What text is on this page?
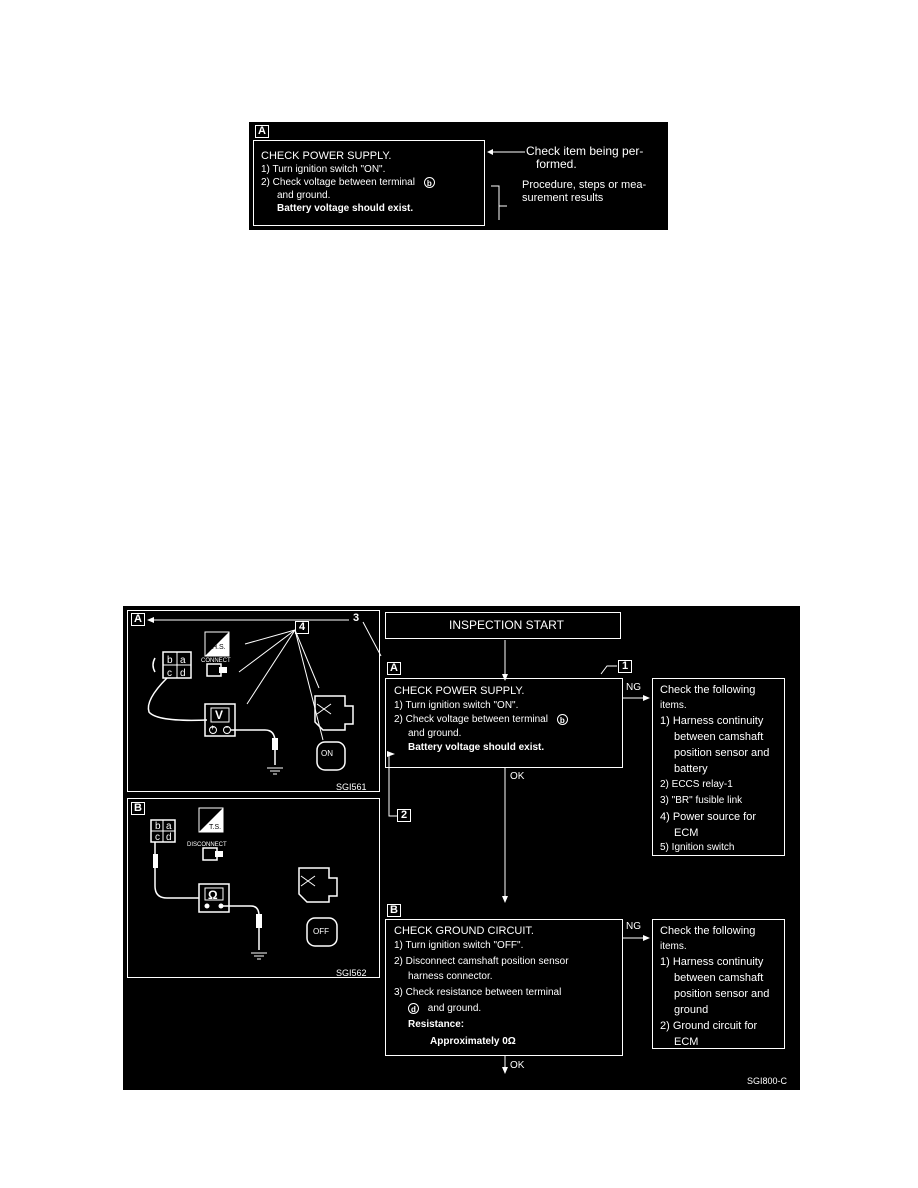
A
CHECK POWER SUPPLY.
1) Turn ignition switch "ON".
2) Check voltage between terminal b
and ground.
Battery voltage should exist.
Check item being per-
formed.
Procedure, steps or mea-
surement results
A	3
4
b a
c d
V
+ −
H.S.
CONNECT
ON
SGI561
B
b a
c d
Ω
T.S.
DISCONNECT
OFF
SGI562
INSPECTION START
1
2
A
CHECK POWER SUPPLY.
1) Turn ignition switch "ON".
2) Check voltage between terminal b
and ground.
Battery voltage should exist.
NG
OK
Check the following
items.
1) Harness continuity
between camshaft
position sensor and
battery
2) ECCS relay-1
3) "BR" fusible link
4) Power source for
ECM
5) Ignition switch
B
CHECK GROUND CIRCUIT.
1) Turn ignition switch "OFF".
2) Disconnect camshaft position sensor
harness connector.
3) Check resistance between terminal
d and ground.
Resistance:
Approximately 0Ω
NG
OK
Check the following
items.
1) Harness continuity
between camshaft
position sensor and
ground
2) Ground circuit for
ECM
SGI800-C
